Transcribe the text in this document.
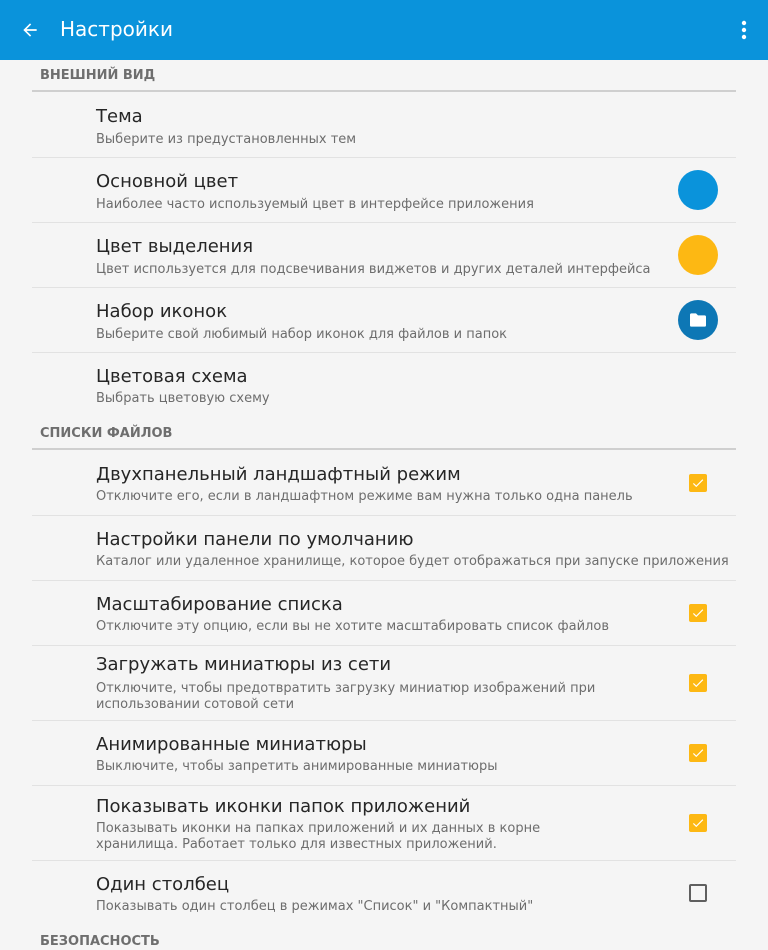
Настройки
ВНЕШНИЙ ВИД
Тема
Выберите из предустановленных тем
Основной цвет
Наиболее часто используемый цвет в интерфейсе приложения
Цвет выделения
Цвет используется для подсвечивания виджетов и других деталей интерфейса
Набор иконок
Выберите свой любимый набор иконок для файлов и папок
Цветовая схема
Выбрать цветовую схему
СПИСКИ ФАЙЛОВ
Двухпанельный ландшафтный режим
Отключите его, если в ландшафтном режиме вам нужна только одна панель
Настройки панели по умолчанию
Каталог или удаленное хранилище, которое будет отображаться при запуске приложения
Масштабирование списка
Отключите эту опцию, если вы не хотите масштабировать список файлов
Загружать миниатюры из сети
Отключите, чтобы предотвратить загрузку миниатюр изображений при использовании сотовой сети
Анимированные миниатюры
Выключите, чтобы запретить анимированные миниатюры
Показывать иконки папок приложений
Показывать иконки на папках приложений и их данных в корне хранилища. Работает только для известных приложений.
Один столбец
Показывать один столбец в режимах "Список" и "Компактный"
БЕЗОПАСНОСТЬ
